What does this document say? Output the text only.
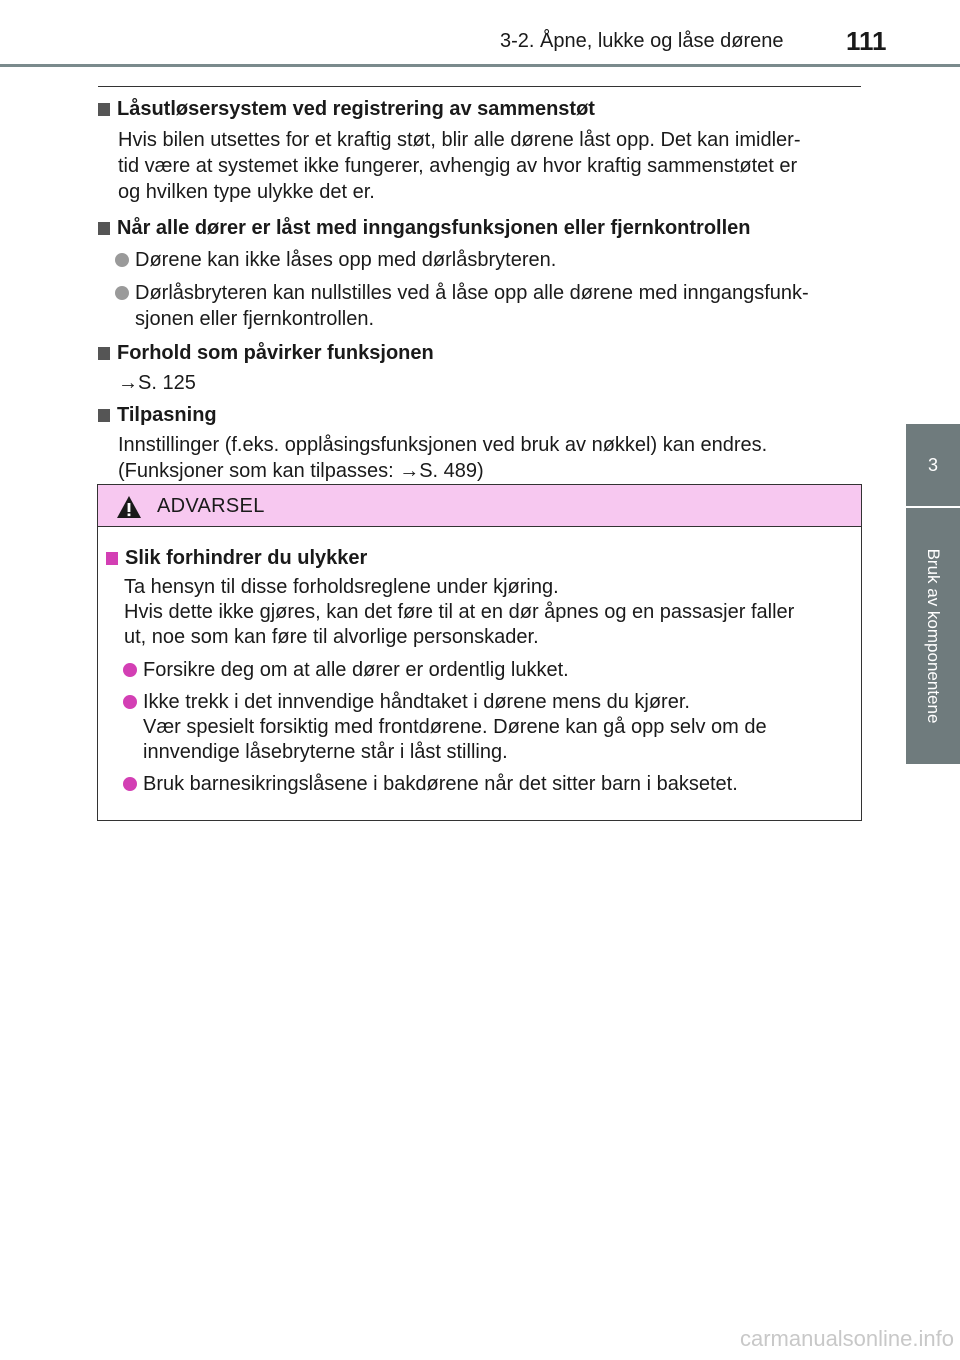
3-2. Åpne, lukke og låse dørene 111
3
Bruk av komponentene
Låsutløsersystem ved registrering av sammenstøt
Hvis bilen utsettes for et kraftig støt, blir alle dørene låst opp. Det kan imidler-
tid være at systemet ikke fungerer, avhengig av hvor kraftig sammenstøtet er
og hvilken type ulykke det er.
Når alle dører er låst med inngangsfunksjonen eller fjernkontrollen
Dørene kan ikke låses opp med dørlåsbryteren.
Dørlåsbryteren kan nullstilles ved å låse opp alle dørene med inngangsfunk-
sjonen eller fjernkontrollen.
Forhold som påvirker funksjonen
→S. 125
Tilpasning
Innstillinger (f.eks. opplåsingsfunksjonen ved bruk av nøkkel) kan endres.
(Funksjoner som kan tilpasses: →S. 489)
ADVARSEL
Slik forhindrer du ulykker
Ta hensyn til disse forholdsreglene under kjøring.
Hvis dette ikke gjøres, kan det føre til at en dør åpnes og en passasjer faller
ut, noe som kan føre til alvorlige personskader.
Forsikre deg om at alle dører er ordentlig lukket.
Ikke trekk i det innvendige håndtaket i dørene mens du kjører.
Vær spesielt forsiktig med frontdørene. Dørene kan gå opp selv om de
innvendige låsebryterne står i låst stilling.
Bruk barnesikringslåsene i bakdørene når det sitter barn i baksetet.
carmanualsonline.info
